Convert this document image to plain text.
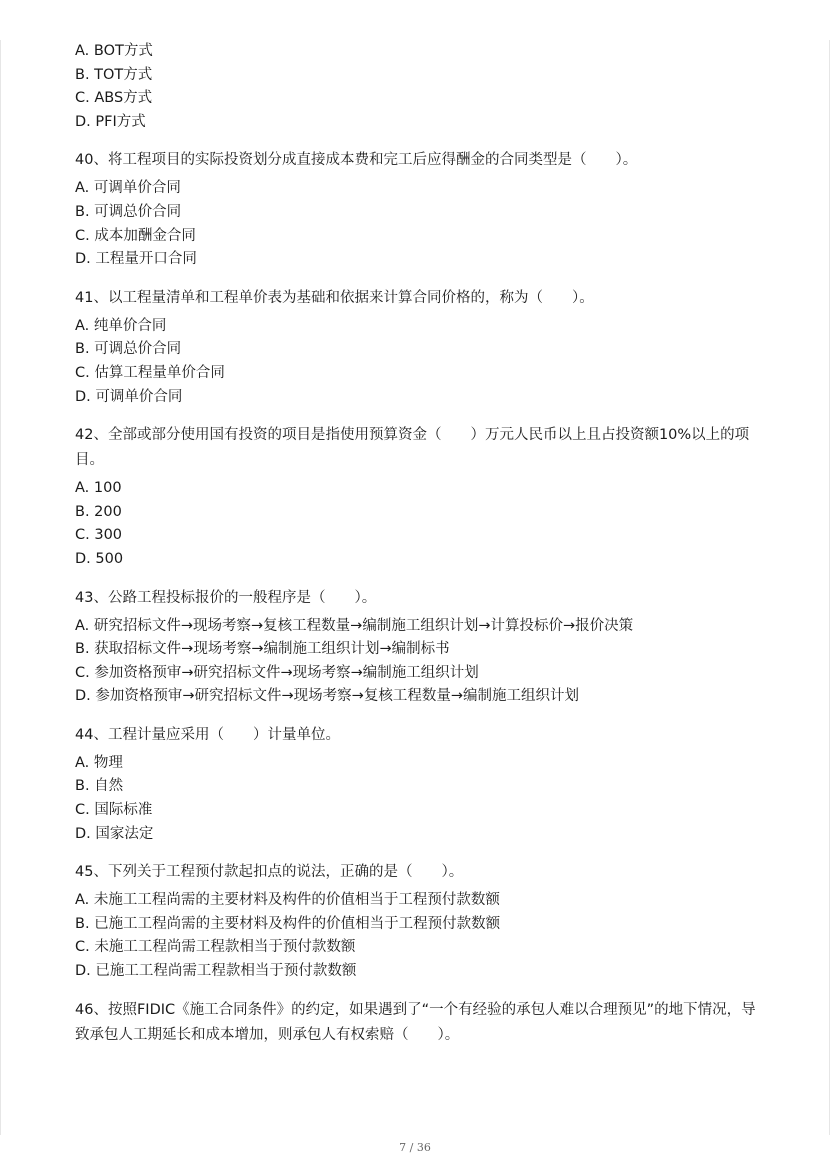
A. BOT方式
B. TOT方式
C. ABS方式
D. PFI方式
40、将工程项目的实际投资划分成直接成本费和完工后应得酬金的合同类型是（　　）。
A. 可调单价合同
B. 可调总价合同
C. 成本加酬金合同
D. 工程量开口合同
41、以工程量清单和工程单价表为基础和依据来计算合同价格的，称为（　　）。
A. 纯单价合同
B. 可调总价合同
C. 估算工程量单价合同
D. 可调单价合同
42、全部或部分使用国有投资的项目是指使用预算资金（　　）万元人民币以上且占投资额10%以上的项目。
A. 100
B. 200
C. 300
D. 500
43、公路工程投标报价的一般程序是（　　）。
A. 研究招标文件→现场考察→复核工程数量→编制施工组织计划→计算投标价→报价决策
B. 获取招标文件→现场考察→编制施工组织计划→编制标书
C. 参加资格预审→研究招标文件→现场考察→编制施工组织计划
D. 参加资格预审→研究招标文件→现场考察→复核工程数量→编制施工组织计划
44、工程计量应采用（　　）计量单位。
A. 物理
B. 自然
C. 国际标准
D. 国家法定
45、下列关于工程预付款起扣点的说法，正确的是（　　）。
A. 未施工工程尚需的主要材料及构件的价值相当于工程预付款数额
B. 已施工工程尚需的主要材料及构件的价值相当于工程预付款数额
C. 未施工工程尚需工程款相当于预付款数额
D. 已施工工程尚需工程款相当于预付款数额
46、按照FIDIC《施工合同条件》的约定，如果遇到了“一个有经验的承包人难以合理预见”的地下情况，导致承包人工期延长和成本增加，则承包人有权索赔（　　）。
7 / 36
